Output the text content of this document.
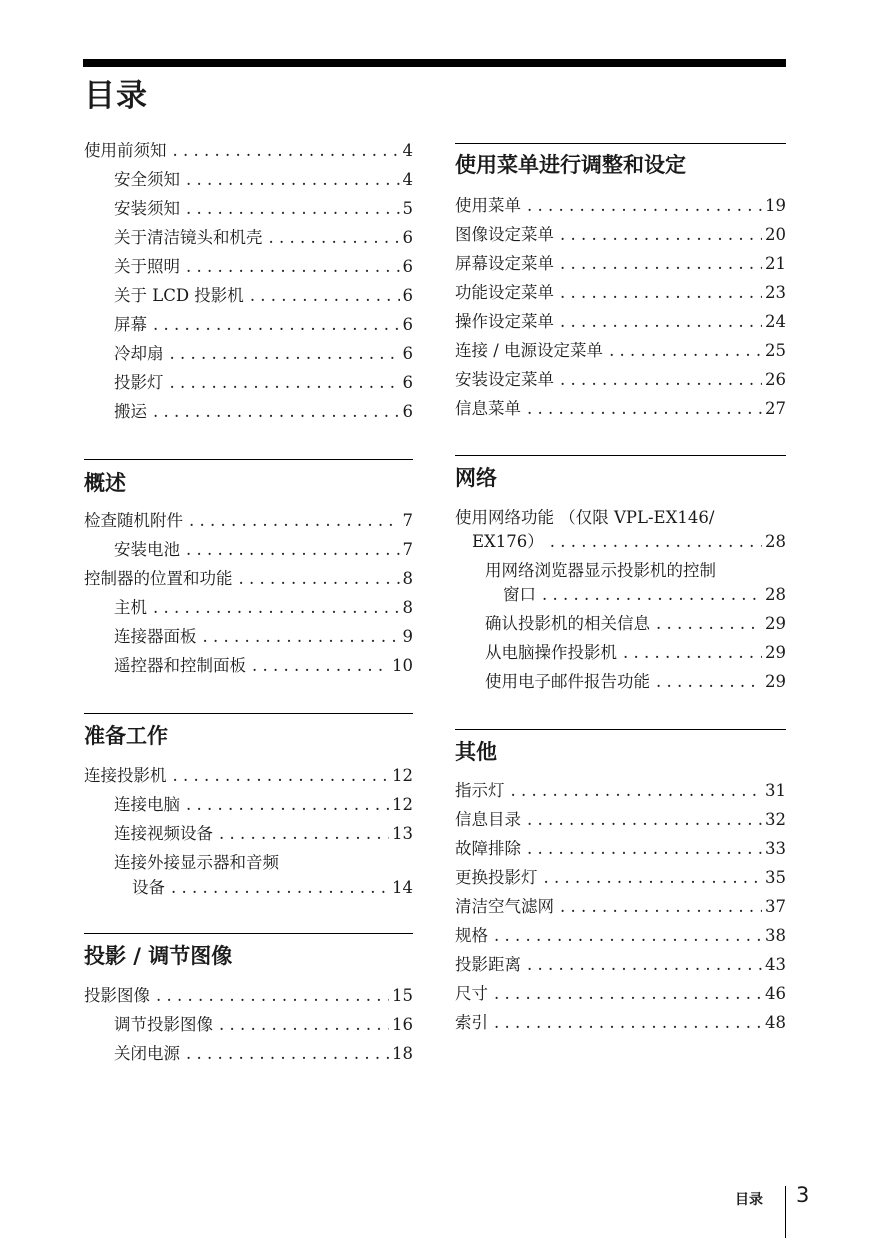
目录
使用前须知 . . .	4
安全须知 . . .	4
安装须知 . . .	5
关于清洁镜头和机壳 . . .	6
关于照明 . . .	6
关于 LCD 投影机 . . .	6
屏幕 . . .	6
冷却扇 . . .	6
投影灯 . . .	6
搬运 . . .	6
概述
检查随机附件 . . .	7
安装电池 . . .	7
控制器的位置和功能 . . .	8
主机 . . .	8
连接器面板 . . .	9
遥控器和控制面板 . . .	10
准备工作
连接投影机 . . .	12
连接电脑 . . .	12
连接视频设备 . . .	13
连接外接显示器和音频
设备 . . .	14
投影 / 调节图像
投影图像 . . .	15
调节投影图像 . . .	16
关闭电源 . . .	18
使用菜单进行调整和设定
使用菜单 . . .	19
图像设定菜单 . . .	20
屏幕设定菜单 . . .	21
功能设定菜单 . . .	23
操作设定菜单 . . .	24
连接 / 电源设定菜单 . . .	25
安装设定菜单 . . .	26
信息菜单 . . .	27
网络
使用网络功能 （仅限 VPL-EX146/
EX176） . . .	28
用网络浏览器显示投影机的控制
窗口 . . .	28
确认投影机的相关信息 . . .	29
从电脑操作投影机 . . .	29
使用电子邮件报告功能 . . .	29
其他
指示灯 . . .	31
信息目录 . . .	32
故障排除 . . .	33
更换投影灯 . . .	35
清洁空气滤网 . . .	37
规格 . . .	38
投影距离 . . .	43
尺寸 . . .	46
索引 . . .	48
目录 3
